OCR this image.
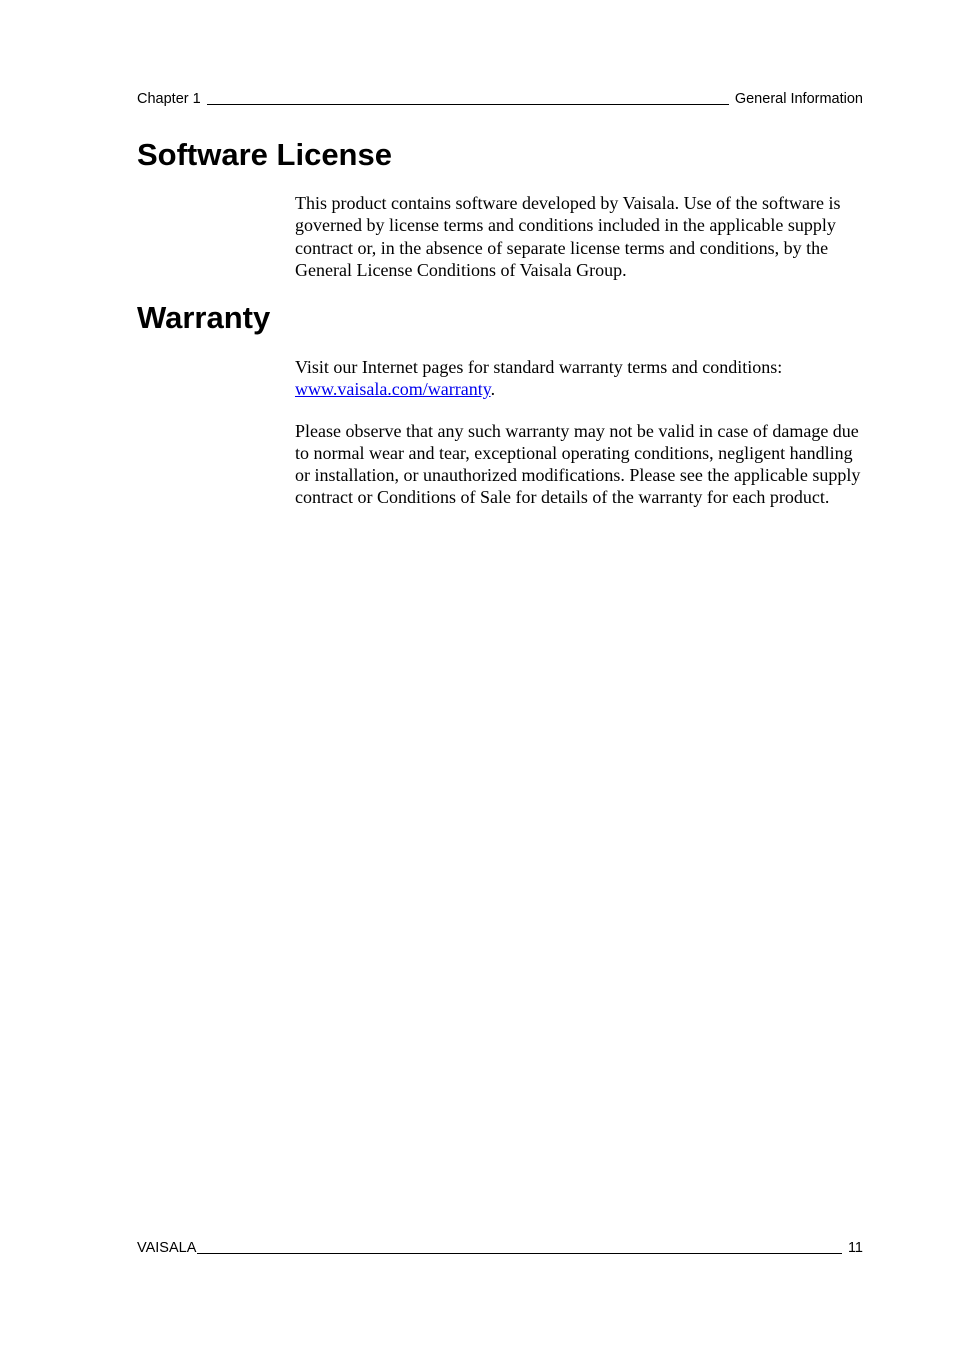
Chapter 1	General Information
Software License

This product contains software developed by Vaisala. Use of the software is governed by license terms and conditions included in the applicable supply contract or, in the absence of separate license terms and conditions, by the General License Conditions of Vaisala Group.

Warranty

Visit our Internet pages for standard warranty terms and conditions:
www.vaisala.com/warranty.

Please observe that any such warranty may not be valid in case of damage due to normal wear and tear, exceptional operating conditions, negligent handling or installation, or unauthorized modifications. Please see the applicable supply contract or Conditions of Sale for details of the warranty for each product.

VAISALA	11
